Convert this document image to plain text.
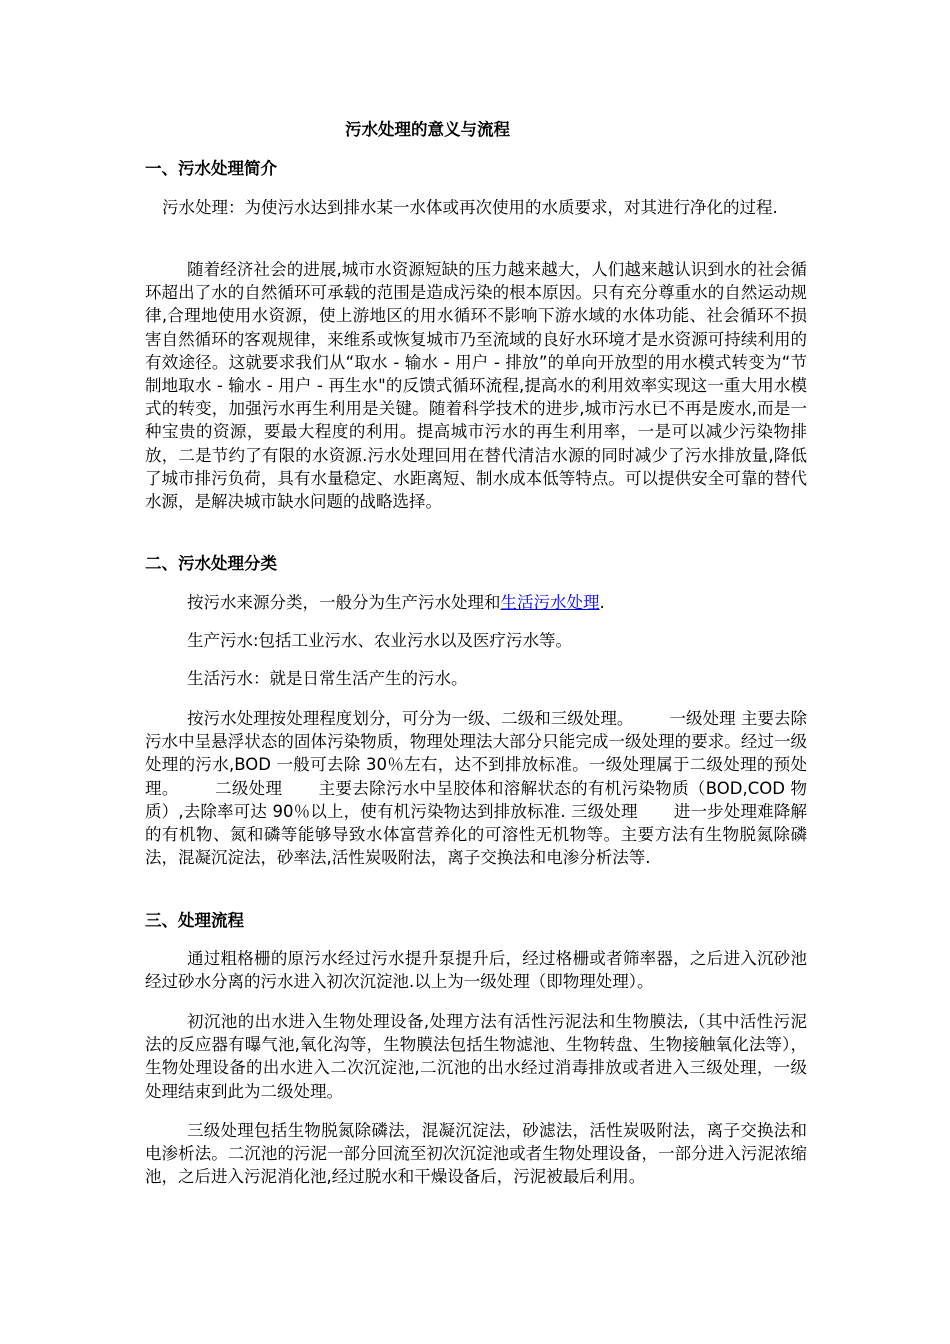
污水处理的意义与流程
一、污水处理简介
污水处理：为使污水达到排水某一水体或再次使用的水质要求，对其进行净化的过程.
随着经济社会的进展,城市水资源短缺的压力越来越大，人们越来越认识到水的社会循环超出了水的自然循环可承载的范围是造成污染的根本原因。只有充分尊重水的自然运动规律,合理地使用水资源，使上游地区的用水循环不影响下游水域的水体功能、社会循环不损害自然循环的客观规律，来维系或恢复城市乃至流域的良好水环境才是水资源可持续利用的有效途径。这就要求我们从“取水 - 输水 - 用户 - 排放”的单向开放型的用水模式转变为“节制地取水 - 输水 - 用户 - 再生水"的反馈式循环流程,提高水的利用效率实现这一重大用水模式的转变，加强污水再生利用是关键。随着科学技术的进步,城市污水已不再是废水,而是一种宝贵的资源，要最大程度的利用。提高城市污水的再生利用率，一是可以减少污染物排放，二是节约了有限的水资源.污水处理回用在替代清洁水源的同时减少了污水排放量,降低了城市排污负荷，具有水量稳定、水距离短、制水成本低等特点。可以提供安全可靠的替代水源，是解决城市缺水问题的战略选择。
二、污水处理分类
按污水来源分类，一般分为生产污水处理和生活污水处理.
生产污水:包括工业污水、农业污水以及医疗污水等。
生活污水：就是日常生活产生的污水。
按污水处理按处理程度划分，可分为一级、二级和三级处理。 一级处理 主要去除污水中呈悬浮状态的固体污染物质，物理处理法大部分只能完成一级处理的要求。经过一级处理的污水,BOD 一般可去除 30％左右，达不到排放标准。一级处理属于二级处理的预处理。 二级处理 主要去除污水中呈胶体和溶解状态的有机污染物质（BOD,COD 物质）,去除率可达 90％以上，使有机污染物达到排放标准. 三级处理 进一步处理难降解的有机物、氮和磷等能够导致水体富营养化的可溶性无机物等。主要方法有生物脱氮除磷法，混凝沉淀法，砂率法,活性炭吸附法，离子交换法和电渗分析法等.
三、处理流程
通过粗格栅的原污水经过污水提升泵提升后，经过格栅或者筛率器，之后进入沉砂池经过砂水分离的污水进入初次沉淀池.以上为一级处理（即物理处理）。
初沉池的出水进入生物处理设备,处理方法有活性污泥法和生物膜法,（其中活性污泥法的反应器有曝气池,氧化沟等，生物膜法包括生物滤池、生物转盘、生物接触氧化法等），生物处理设备的出水进入二次沉淀池,二沉池的出水经过消毒排放或者进入三级处理，一级处理结束到此为二级处理。
三级处理包括生物脱氮除磷法，混凝沉淀法，砂滤法，活性炭吸附法，离子交换法和电渗析法。二沉池的污泥一部分回流至初次沉淀池或者生物处理设备，一部分进入污泥浓缩池，之后进入污泥消化池,经过脱水和干燥设备后，污泥被最后利用。
